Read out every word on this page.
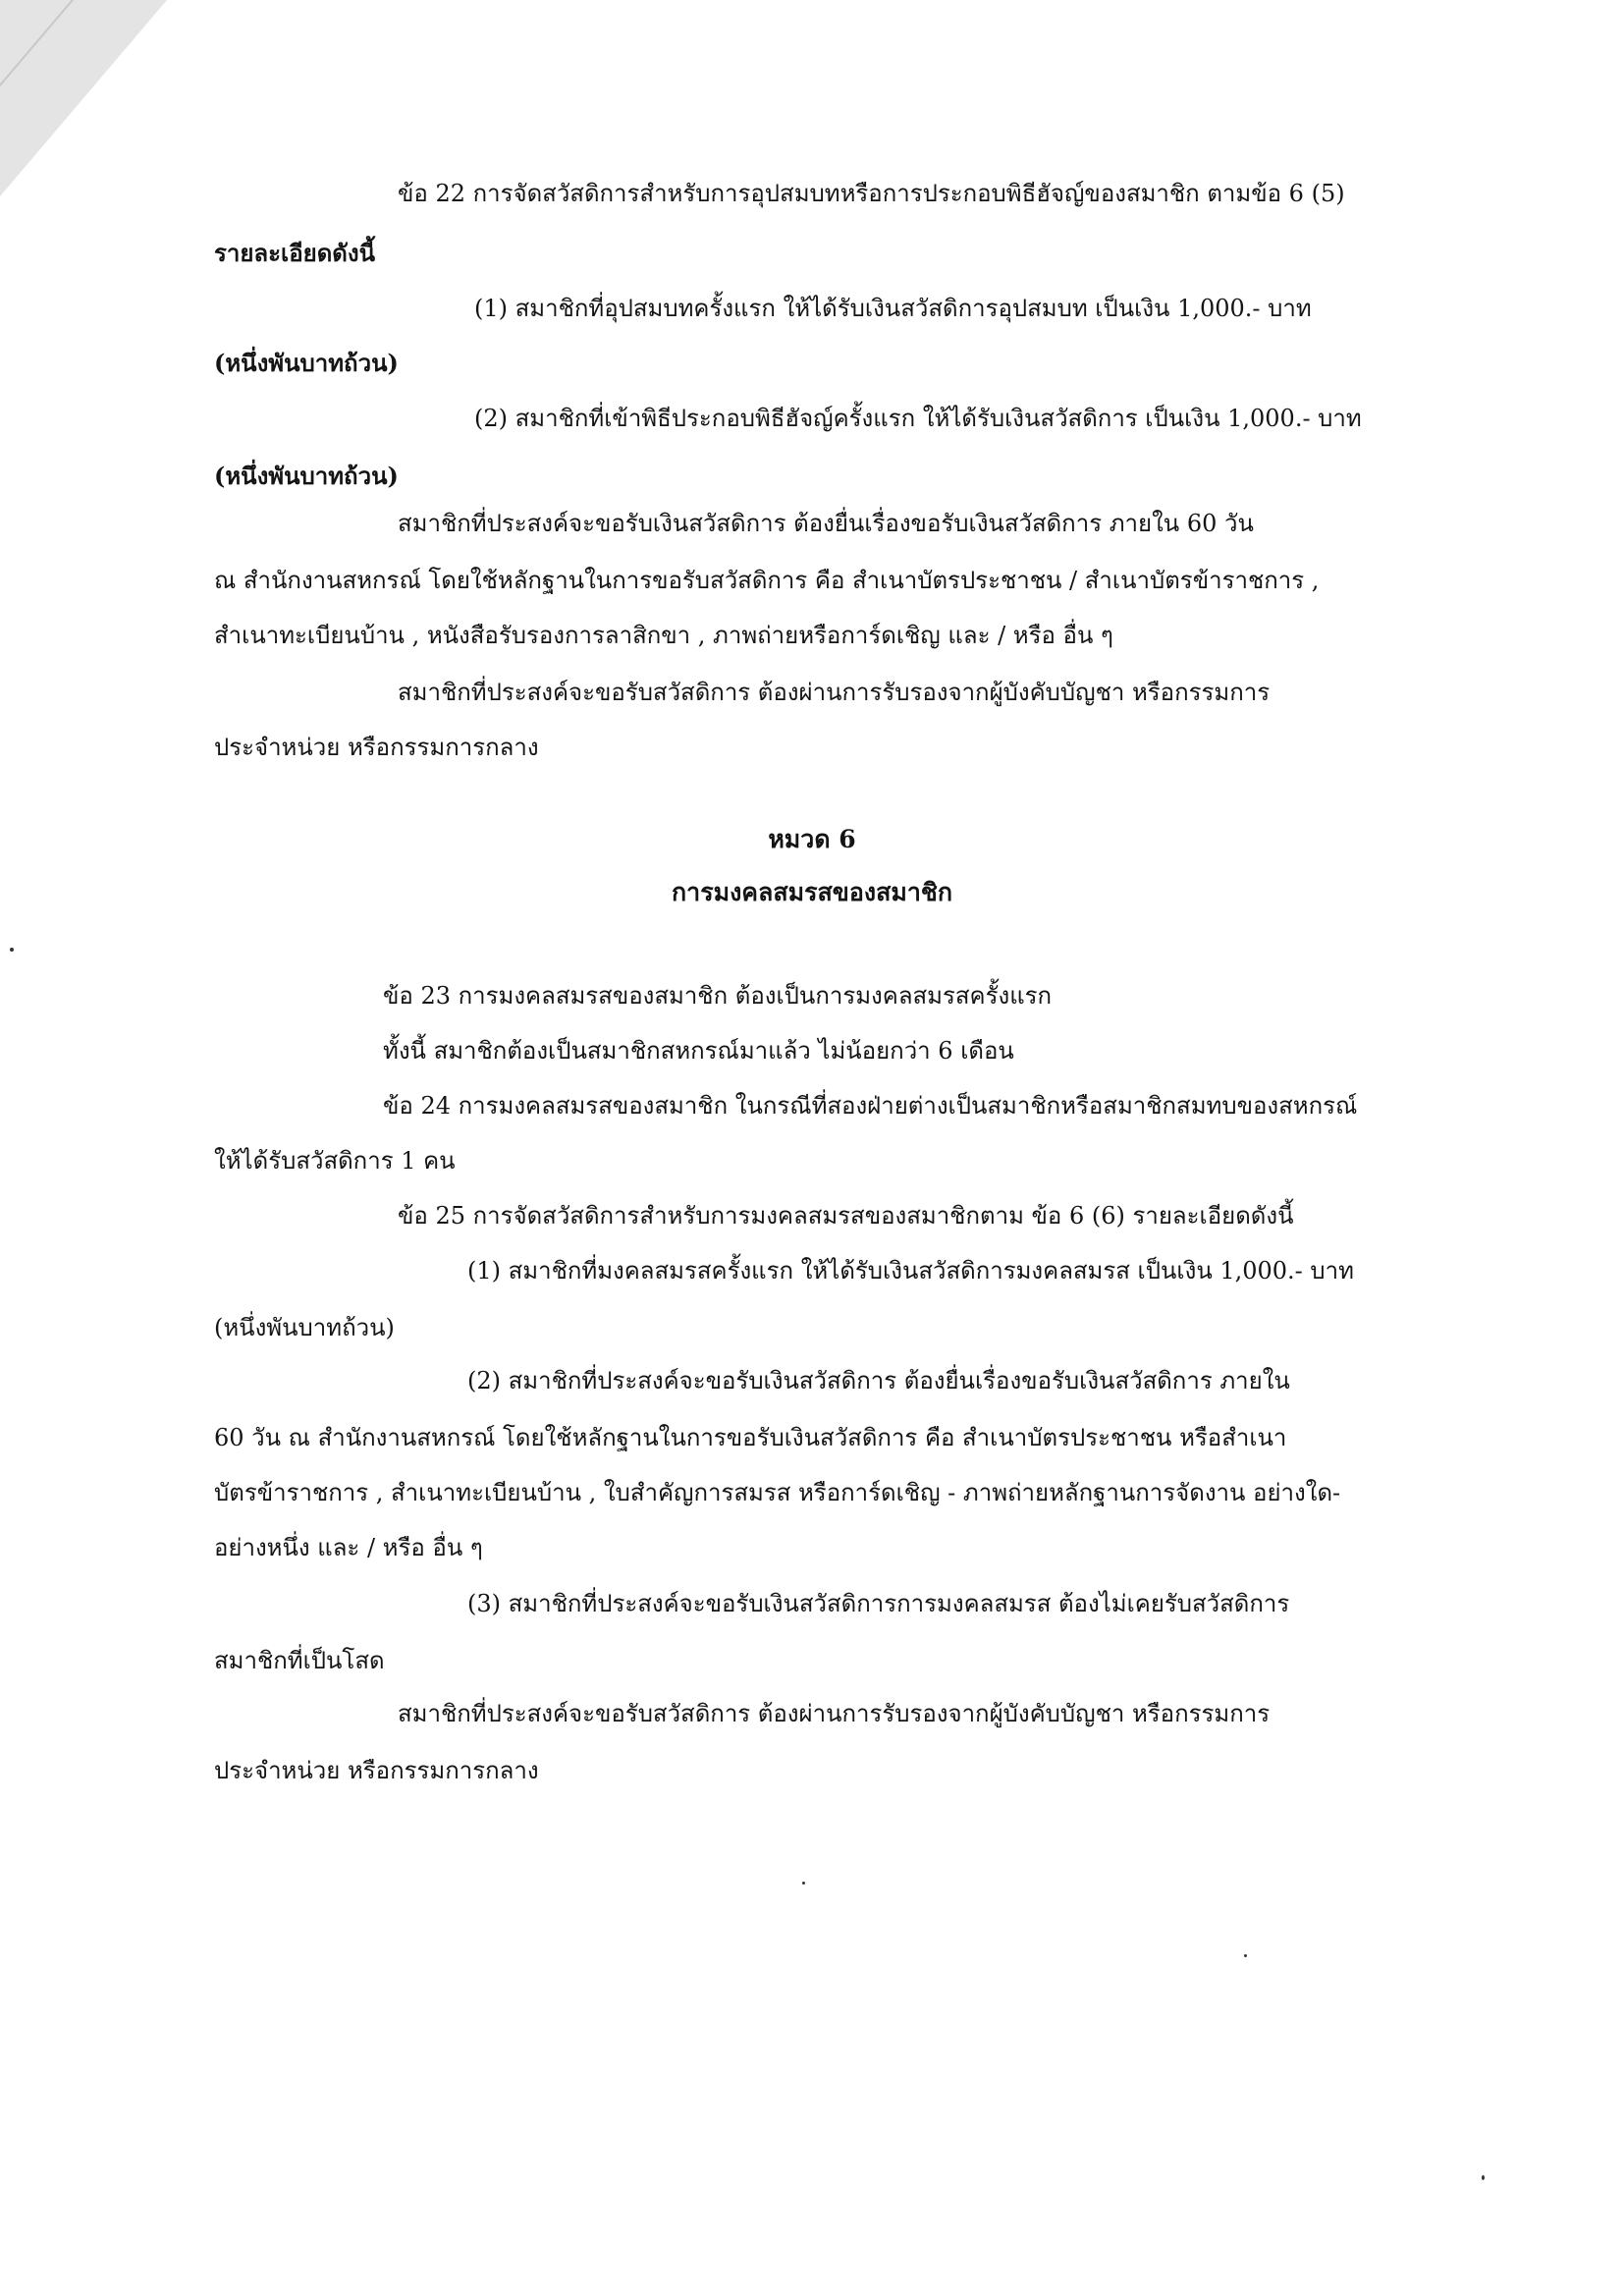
ข้อ 22 การจัดสวัสดิการสำหรับการอุปสมบทหรือการประกอบพิธีฮัจญ์ของสมาชิก ตามข้อ 6 (5)

รายละเอียดดังนี้

(1) สมาชิกที่อุปสมบทครั้งแรก ให้ได้รับเงินสวัสดิการอุปสมบท เป็นเงิน 1,000.- บาท

(หนึ่งพันบาทถ้วน)

(2) สมาชิกที่เข้าพิธีประกอบพิธีฮัจญ์ครั้งแรก ให้ได้รับเงินสวัสดิการ เป็นเงิน 1,000.- บาท

(หนึ่งพันบาทถ้วน)

สมาชิกที่ประสงค์จะขอรับเงินสวัสดิการ ต้องยื่นเรื่องขอรับเงินสวัสดิการ ภายใน 60 วัน

ณ สำนักงานสหกรณ์ โดยใช้หลักฐานในการขอรับสวัสดิการ คือ สำเนาบัตรประชาชน / สำเนาบัตรข้าราชการ ,

สำเนาทะเบียนบ้าน , หนังสือรับรองการลาสิกขา , ภาพถ่ายหรือการ์ดเชิญ และ / หรือ อื่น ๆ

สมาชิกที่ประสงค์จะขอรับสวัสดิการ ต้องผ่านการรับรองจากผู้บังคับบัญชา หรือกรรมการ

ประจำหน่วย หรือกรรมการกลาง

หมวด 6

การมงคลสมรสของสมาชิก

ข้อ 23 การมงคลสมรสของสมาชิก ต้องเป็นการมงคลสมรสครั้งแรก

ทั้งนี้ สมาชิกต้องเป็นสมาชิกสหกรณ์มาแล้ว ไม่น้อยกว่า 6 เดือน

ข้อ 24 การมงคลสมรสของสมาชิก ในกรณีที่สองฝ่ายต่างเป็นสมาชิกหรือสมาชิกสมทบของสหกรณ์

ให้ได้รับสวัสดิการ 1 คน

ข้อ 25 การจัดสวัสดิการสำหรับการมงคลสมรสของสมาชิกตาม ข้อ 6 (6) รายละเอียดดังนี้

(1) สมาชิกที่มงคลสมรสครั้งแรก ให้ได้รับเงินสวัสดิการมงคลสมรส เป็นเงิน 1,000.- บาท

(หนึ่งพันบาทถ้วน)

(2) สมาชิกที่ประสงค์จะขอรับเงินสวัสดิการ ต้องยื่นเรื่องขอรับเงินสวัสดิการ ภายใน

60 วัน ณ สำนักงานสหกรณ์ โดยใช้หลักฐานในการขอรับเงินสวัสดิการ คือ สำเนาบัตรประชาชน หรือสำเนา

บัตรข้าราชการ , สำเนาทะเบียนบ้าน , ใบสำคัญการสมรส หรือการ์ดเชิญ - ภาพถ่ายหลักฐานการจัดงาน อย่างใด-

อย่างหนึ่ง และ / หรือ อื่น ๆ

(3) สมาชิกที่ประสงค์จะขอรับเงินสวัสดิการการมงคลสมรส ต้องไม่เคยรับสวัสดิการ

สมาชิกที่เป็นโสด

สมาชิกที่ประสงค์จะขอรับสวัสดิการ ต้องผ่านการรับรองจากผู้บังคับบัญชา หรือกรรมการ

ประจำหน่วย หรือกรรมการกลาง
